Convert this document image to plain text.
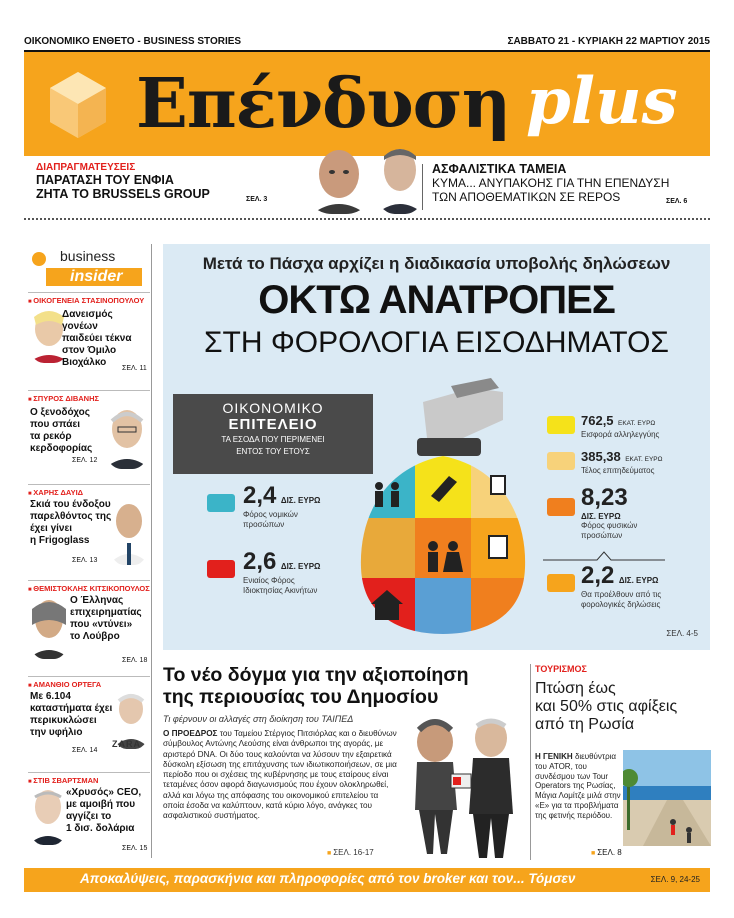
ΟΙΚΟΝΟΜΙΚΟ ΕΝΘΕΤΟ - BUSINESS STORIES	ΣΑΒΒΑΤΟ 21 - ΚΥΡΙΑΚΗ 22 ΜΑΡΤΙΟΥ 2015
Επένδυση plus
ΔΙΑΠΡΑΓΜΑΤΕΥΣΕΙΣ
ΠΑΡΑΤΑΣΗ ΤΟΥ ΕΝΦΙΑ
ΖΗΤΑ ΤΟ BRUSSELS GROUP	ΣΕΛ. 3
ΑΣΦΑΛΙΣΤΙΚΑ ΤΑΜΕΙΑ
ΚΥΜΑ... ΑΝΥΠΑΚΟΗΣ ΓΙΑ ΤΗΝ ΕΠΕΝΔΥΣΗ
ΤΩΝ ΑΠΟΘΕΜΑΤΙΚΩΝ ΣΕ REPOS	ΣΕΛ. 6
business
insider
■ ΟΙΚΟΓΕΝΕΙΑ ΣΤΑΣΙΝΟΠΟΥΛΟΥ
Δανεισμός γονέων
παιδεύει τέκνα
στον Όμιλο
Βιοχάλκο
ΣΕΛ. 11
■ ΣΠΥΡΟΣ ΔΙΒΑΝΗΣ
Ο ξενοδόχος
που σπάει
τα ρεκόρ
κερδοφορίας
ΣΕΛ. 12
■ ΧΑΡΗΣ ΔΑΥΙΔ
Σκιά του ένδοξου
παρελθόντος της
έχει γίνει
η Frigoglass
ΣΕΛ. 13
■ ΘΕΜΙΣΤΟΚΛΗΣ ΚΙΤΣΙΚΟΠΟΥΛΟΣ
Ο Έλληνας
επιχειρηματίας
που «ντύνει»
το Λούβρο
ΣΕΛ. 18
■ ΑΜΑΝΘΙΟ ΟΡΤΕΓΑ
Με 6.104
καταστήματα έχει
περικυκλώσει
την υφήλιο
ΣΕΛ. 14
ZARA
■ ΣΤΙΒ ΣΒΑΡΤΣΜΑΝ
«Χρυσός» CEO,
με αμοιβή που
αγγίζει το
1 δισ. δολάρια
ΣΕΛ. 15
Μετά το Πάσχα αρχίζει η διαδικασία υποβολής δηλώσεων
ΟΚΤΩ ΑΝΑΤΡΟΠΕΣ
ΣΤΗ ΦΟΡΟΛΟΓΙΑ ΕΙΣΟΔΗΜΑΤΟΣ
ΟΙΚΟΝΟΜΙΚΟ
ΕΠΙΤΕΛΕΙΟ
ΤΑ ΕΣΟΔΑ ΠΟΥ ΠΕΡΙΜΕΝΕΙ
ΕΝΤΟΣ ΤΟΥ ΕΤΟΥΣ
2,4 ΔΙΣ. ΕΥΡΩ
Φόρος νομικών
προσώπων
2,6 ΔΙΣ. ΕΥΡΩ
Ενιαίος Φόρος
Ιδιοκτησίας Ακινήτων
762,5 ΕΚΑΤ. ΕΥΡΩ
Εισφορά αλληλεγγύης
385,38 ΕΚΑΤ. ΕΥΡΩ
Τέλος επιτηδεύματος
8,23
ΔΙΣ. ΕΥΡΩ
Φόρος φυσικών
προσώπων
2,2 ΔΙΣ. ΕΥΡΩ
Θα προέλθουν από τις
φορολογικές δηλώσεις
ΣΕΛ. 4-5
Το νέο δόγμα για την αξιοποίηση
της περιουσίας του Δημοσίου
Τι φέρνουν οι αλλαγές στη διοίκηση του ΤΑΙΠΕΔ
Ο ΠΡΟΕΔΡΟΣ του Ταμείου Στέργιος Πιτσιόρλας και ο διευθύνων σύμβουλος Αντώνης Λεούσης είναι άνθρωποι της αγοράς, με αριστερό DNA. Οι δύο τους καλούνται να λύσουν την εξαιρετικά δύσκολη εξίσωση της επιτάχυνσης των ιδιωτικοποιήσεων, σε μια περίοδο που οι σχέσεις της κυβέρνησης με τους εταίρους είναι τεταμένες όσον αφορά διαγωνισμούς που έχουν ολοκληρωθεί, αλλά και λόγω της απόφασης του οικονομικού επιτελείου τα οποία έσοδα να καλύπτουν, κατά κύριο λόγο, ανάγκες του ασφαλιστικού συστήματος.
■ ΣΕΛ. 16-17
ΤΟΥΡΙΣΜΟΣ
Πτώση έως
και 50% στις αφίξεις
από τη Ρωσία
Η ΓΕΝΙΚΗ διευθύντρια του ATOR, του συνδέσμου των Tour Operators της Ρωσίας, Μάγια Λομίτζε μιλά στην «Ε» για τα προβλήματα της φετινής περιόδου.
■ ΣΕΛ. 8
Αποκαλύψεις, παρασκήνια και πληροφορίες από τον broker και τον... Τόμσεν	ΣΕΛ. 9, 24-25
